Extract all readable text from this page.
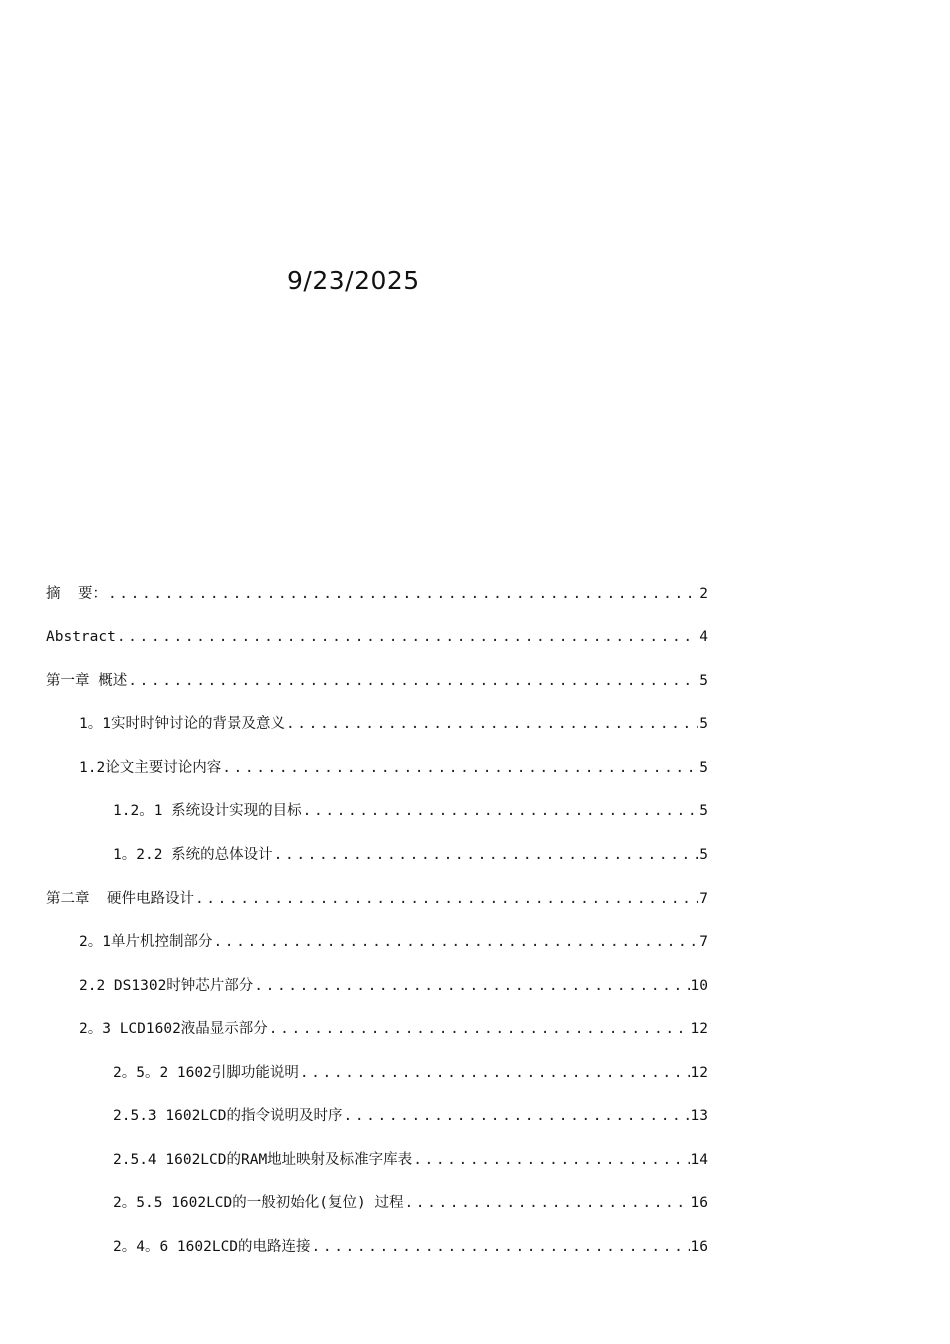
9/23/2025
摘  要： .....	2
Abstract .....	4
第一章 概述 .....	5
1。1实时时钟讨论的背景及意义 .....	5
1.2论文主要讨论内容 .....	5
1.2。1 系统设计实现的目标 .....	5
1。2.2 系统的总体设计 .....	5
第二章  硬件电路设计 .....	7
2。1单片机控制部分 .....	7
2.2 DS1302时钟芯片部分 .....	10
2。3 LCD1602液晶显示部分 .....	12
2。5。2 1602引脚功能说明 .....	12
2.5.3 1602LCD的指令说明及时序 .....	13
2.5.4 1602LCD的RAM地址映射及标准字库表 .....	14
2。5.5 1602LCD的一般初始化(复位) 过程 .....	16
2。4。6 1602LCD的电路连接 .....	16
